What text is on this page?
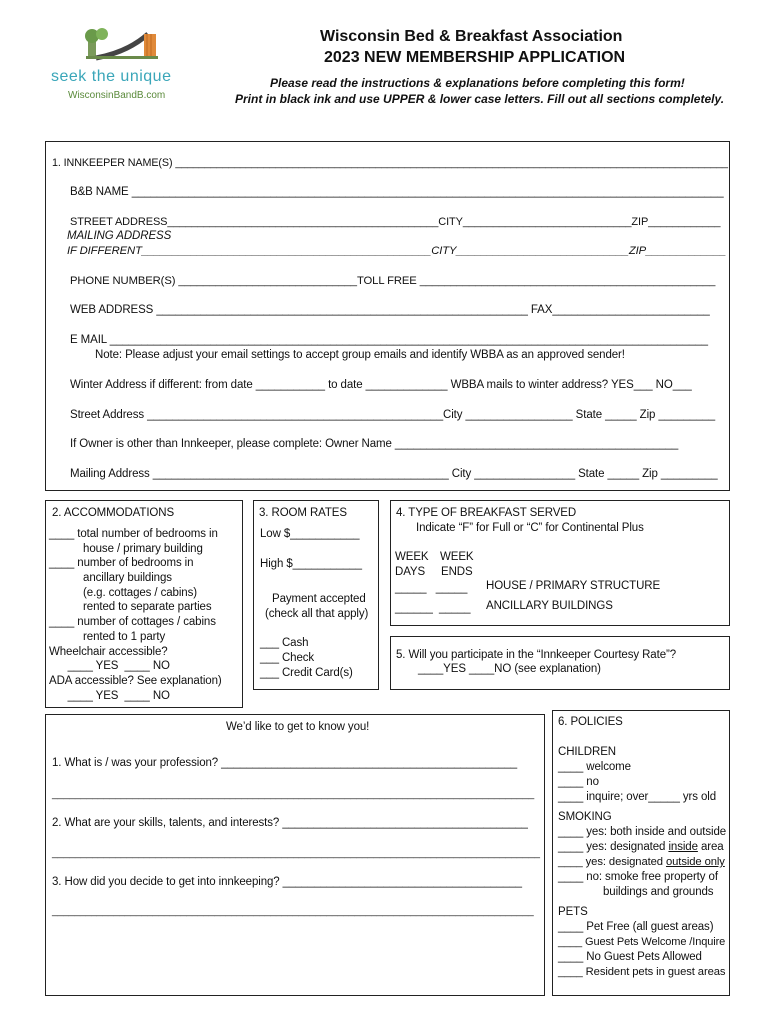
seek the unique
WisconsinBandB.com
Wisconsin Bed & Breakfast Association
2023 NEW MEMBERSHIP APPLICATION
Please read the instructions & explanations before completing this form!
Print in black ink and use UPPER & lower case letters. Fill out all sections completely.
1. INNKEEPER NAME(S) ______________________________________________________________________________________________
B&B NAME ______________________________________________________________________________________________
STREET ADDRESS_____________________________________________CITY____________________________ZIP____________
MAILING ADDRESS
IF DIFFERENT_______________________________________________CITY____________________________ZIP_____________
PHONE NUMBER(S) _____________________________TOLL FREE ________________________________________________
WEB ADDRESS ___________________________________________________________ FAX_________________________
E MAIL _______________________________________________________________________________________________
Note: Please adjust your email settings to accept group emails and identify WBBA as an approved sender!
Winter Address if different: from date ___________ to date _____________ WBBA mails to winter address? YES___ NO___
Street Address _______________________________________________City _________________ State _____ Zip _________
If Owner is other than Innkeeper, please complete: Owner Name _____________________________________________
Mailing Address _______________________________________________ City ________________ State _____ Zip _________
2. ACCOMMODATIONS
____ total number of bedrooms in
house / primary building
____ number of bedrooms in
ancillary buildings
(e.g. cottages / cabins)
rented to separate parties
____ number of cottages / cabins
rented to 1 party
Wheelchair accessible?
____ YES  ____ NO
ADA accessible? See explanation)
____ YES  ____ NO
3. ROOM RATES
Low $___________
High $___________
Payment accepted
(check all that apply)
___ Cash
___ Check
___ Credit Card(s)
4. TYPE OF BREAKFAST SERVED
Indicate “F” for Full or “C” for Continental Plus
WEEK
DAYS
WEEK
ENDS
_____   _____ HOUSE / PRIMARY STRUCTURE
______  _____ ANCILLARY BUILDINGS
5. Will you participate in the “Innkeeper Courtesy Rate”?
____YES ____NO (see explanation)
We’d like to get to know you!
1. What is / was your profession? _______________________________________________
____________________________________________________________________________________
2. What are your skills, talents, and interests? _______________________________________
_____________________________________________________________________________________
3. How did you decide to get into innkeeping? ______________________________________
______________________________________________________________________________________
6. POLICIES
CHILDREN
____ welcome
____ no
____ inquire; over_____ yrs old
SMOKING
____ yes: both inside and outside
____ yes: designated inside area
____ yes: designated outside only
____ no: smoke free property of
buildings and grounds
PETS
____ Pet Free (all guest areas)
____ Guest Pets Welcome /Inquire
____ No Guest Pets Allowed
____ Resident pets in guest areas
